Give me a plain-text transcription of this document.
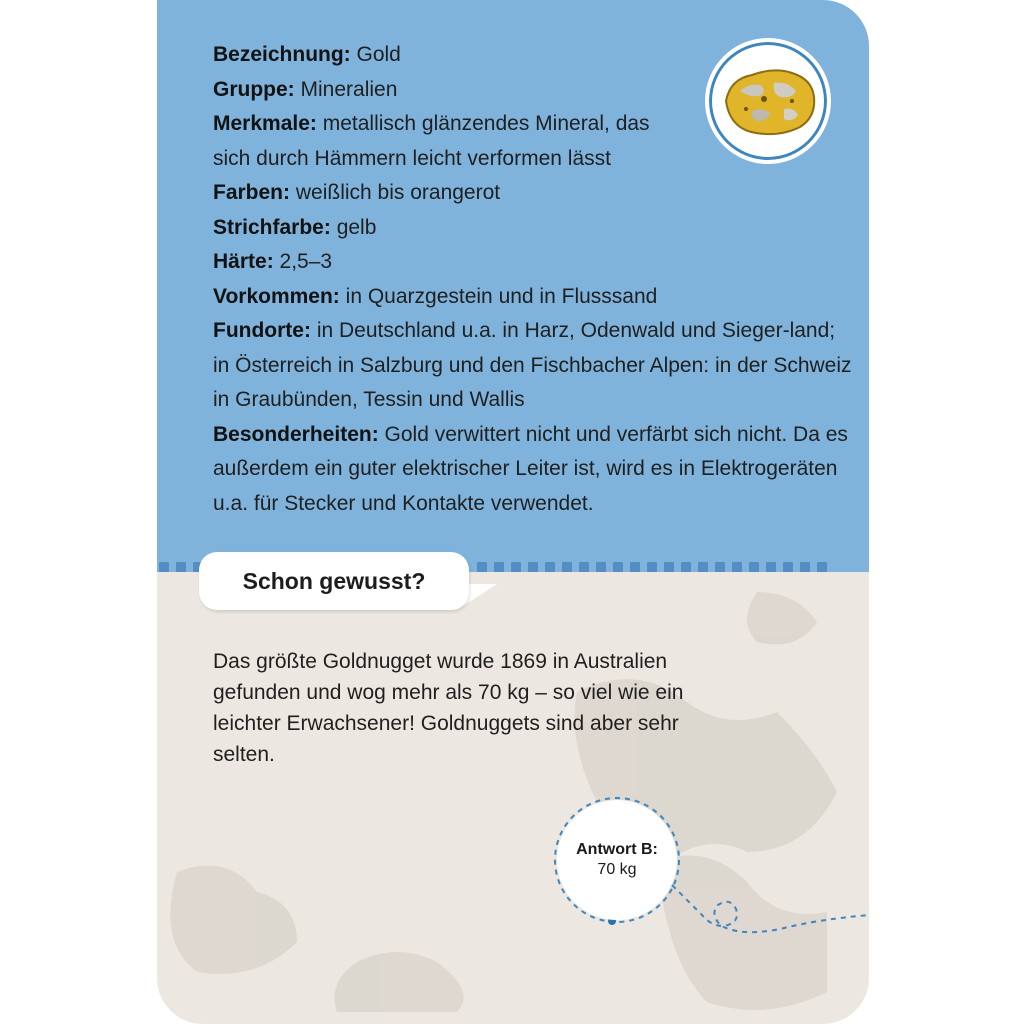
Bezeichnung: Gold
Gruppe: Mineralien
Merkmale: metallisch glänzendes Mineral, das sich durch Hämmern leicht verformen lässt
Farben: weißlich bis orangerot
Strichfarbe: gelb
Härte: 2,5–3
Vorkommen: in Quarzgestein und in Flusssand
Fundorte: in Deutschland u.a. in Harz, Odenwald und Sieger-land; in Österreich in Salzburg und den Fischbacher Alpen: in der Schweiz in Graubünden, Tessin und Wallis
Besonderheiten: Gold verwittert nicht und verfärbt sich nicht. Da es außerdem ein guter elektrischer Leiter ist, wird es in Elektrogeräten u.a. für Stecker und Kontakte verwendet.
Schon gewusst?
Das größte Goldnugget wurde 1869 in Australien gefunden und wog mehr als 70 kg – so viel wie ein leichter Erwachsener! Goldnuggets sind aber sehr selten.
Antwort B:
70 kg
